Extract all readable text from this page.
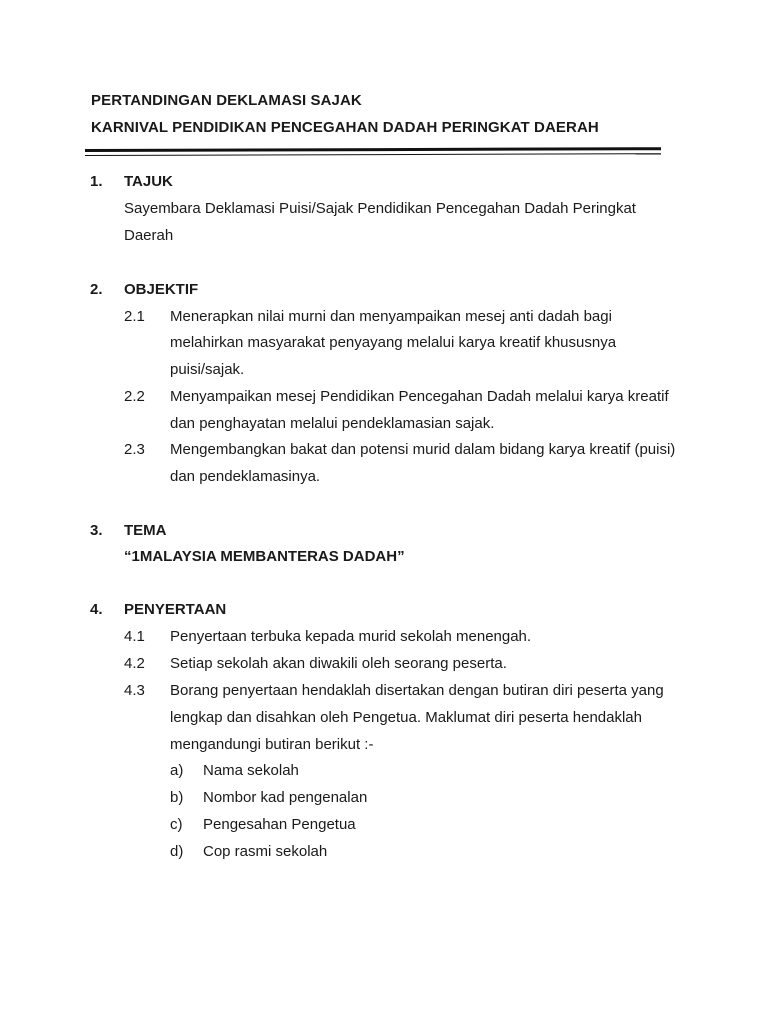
PERTANDINGAN DEKLAMASI SAJAK
KARNIVAL PENDIDIKAN PENCEGAHAN DADAH PERINGKAT DAERAH
1. TAJUK
Sayembara Deklamasi Puisi/Sajak Pendidikan Pencegahan Dadah Peringkat
Daerah
2. OBJEKTIF
2.1 Menerapkan nilai murni dan menyampaikan mesej anti dadah bagi
melahirkan masyarakat penyayang melalui karya kreatif khususnya
puisi/sajak.
2.2 Menyampaikan mesej Pendidikan Pencegahan Dadah melalui karya kreatif
dan penghayatan melalui pendeklamasian sajak.
2.3 Mengembangkan bakat dan potensi murid dalam bidang karya kreatif (puisi)
dan pendeklamasinya.
3. TEMA
“1MALAYSIA MEMBANTERAS DADAH”
4. PENYERTAAN
4.1 Penyertaan terbuka kepada murid sekolah menengah.
4.2 Setiap sekolah akan diwakili oleh seorang peserta.
4.3 Borang penyertaan hendaklah disertakan dengan butiran diri peserta yang
lengkap dan disahkan oleh Pengetua. Maklumat diri peserta hendaklah
mengandungi butiran berikut :-
a) Nama sekolah
b) Nombor kad pengenalan
c) Pengesahan Pengetua
d) Cop rasmi sekolah
